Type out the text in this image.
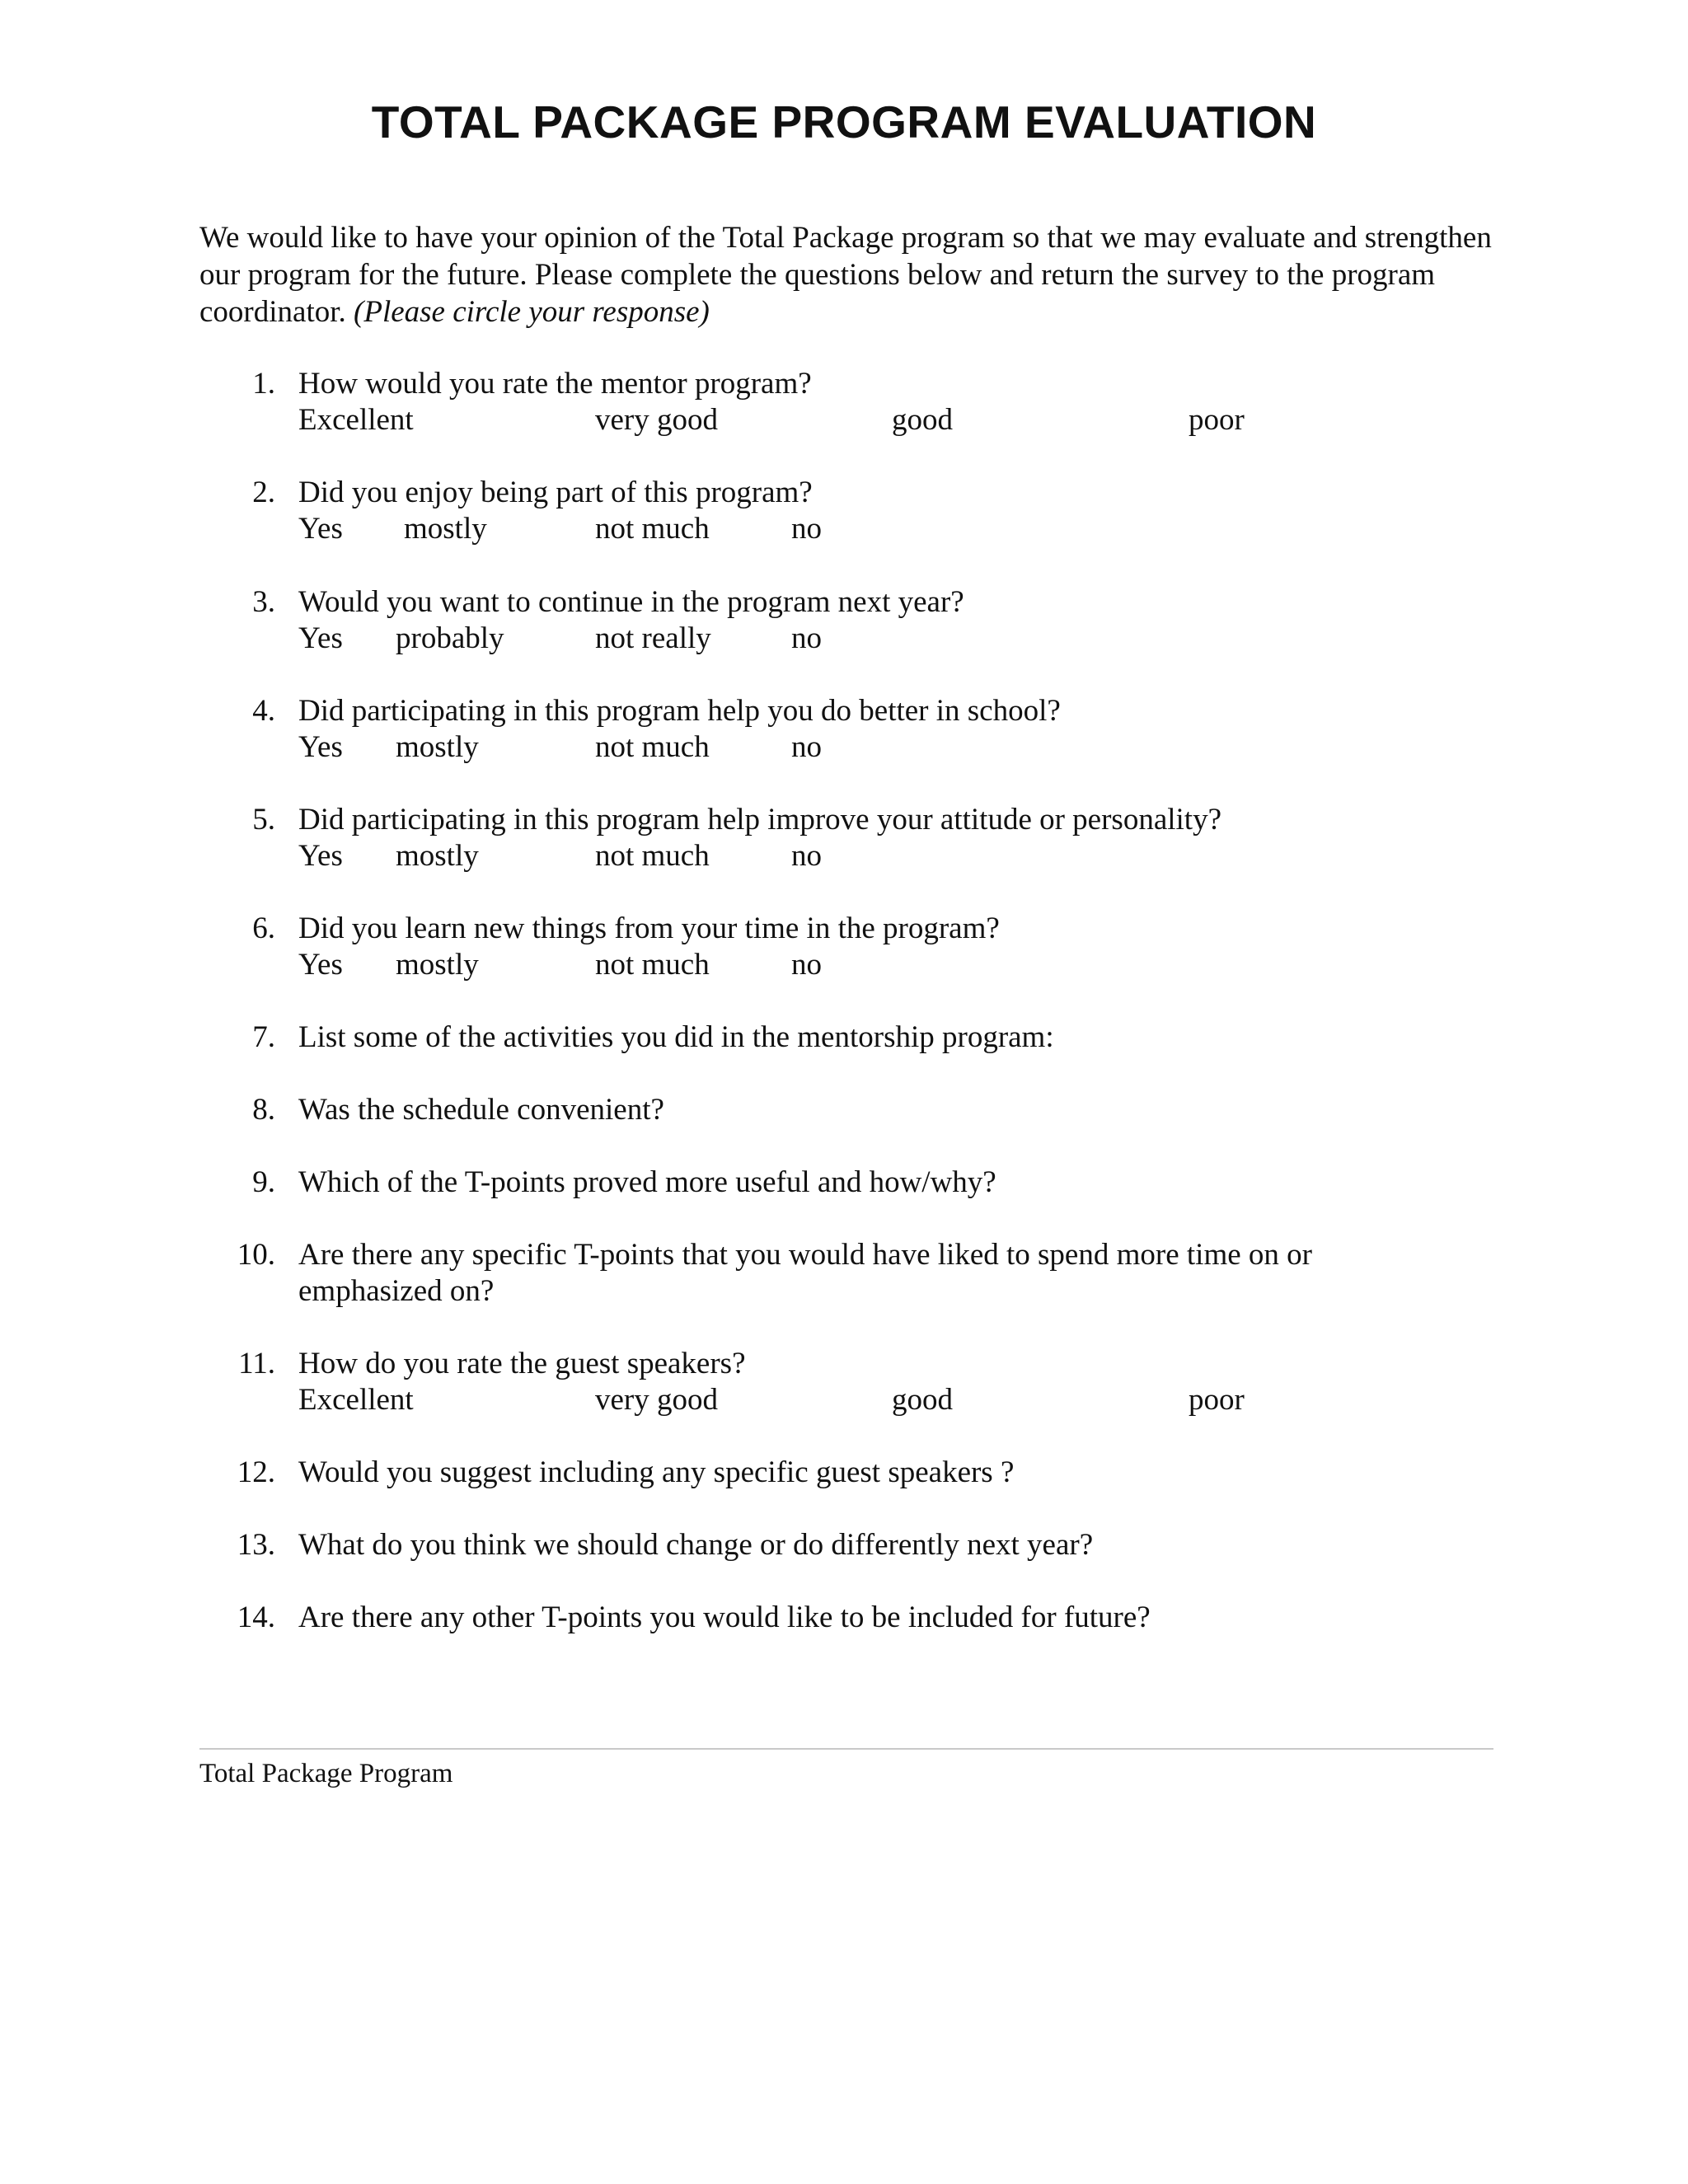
TOTAL PACKAGE PROGRAM EVALUATION

We would like to have your opinion of the Total Package program so that we may evaluate and strengthen our program for the future. Please complete the questions below and return the survey to the program coordinator. (Please circle your response)

1. How would you rate the mentor program?
Excellent	very good	good	poor
2. Did you enjoy being part of this program?
Yes mostly	not much	no
3. Would you want to continue in the program next year?
Yes probably	not really	no
4. Did participating in this program help you do better in school?
Yes mostly	not much	no
5. Did participating in this program help improve your attitude or personality?
Yes mostly	not much	no
6. Did you learn new things from your time in the program?
Yes mostly	not much	no
7. List some of the activities you did in the mentorship program:
8. Was the schedule convenient?
9. Which of the T-points proved more useful and how/why?
10. Are there any specific T-points that you would have liked to spend more time on or emphasized on?
11. How do you rate the guest speakers?
Excellent	very good	good	poor
12. Would you suggest including any specific guest speakers ?
13. What do you think we should change or do differently next year?
14. Are there any other T-points you would like to be included for future?
Total Package Program
